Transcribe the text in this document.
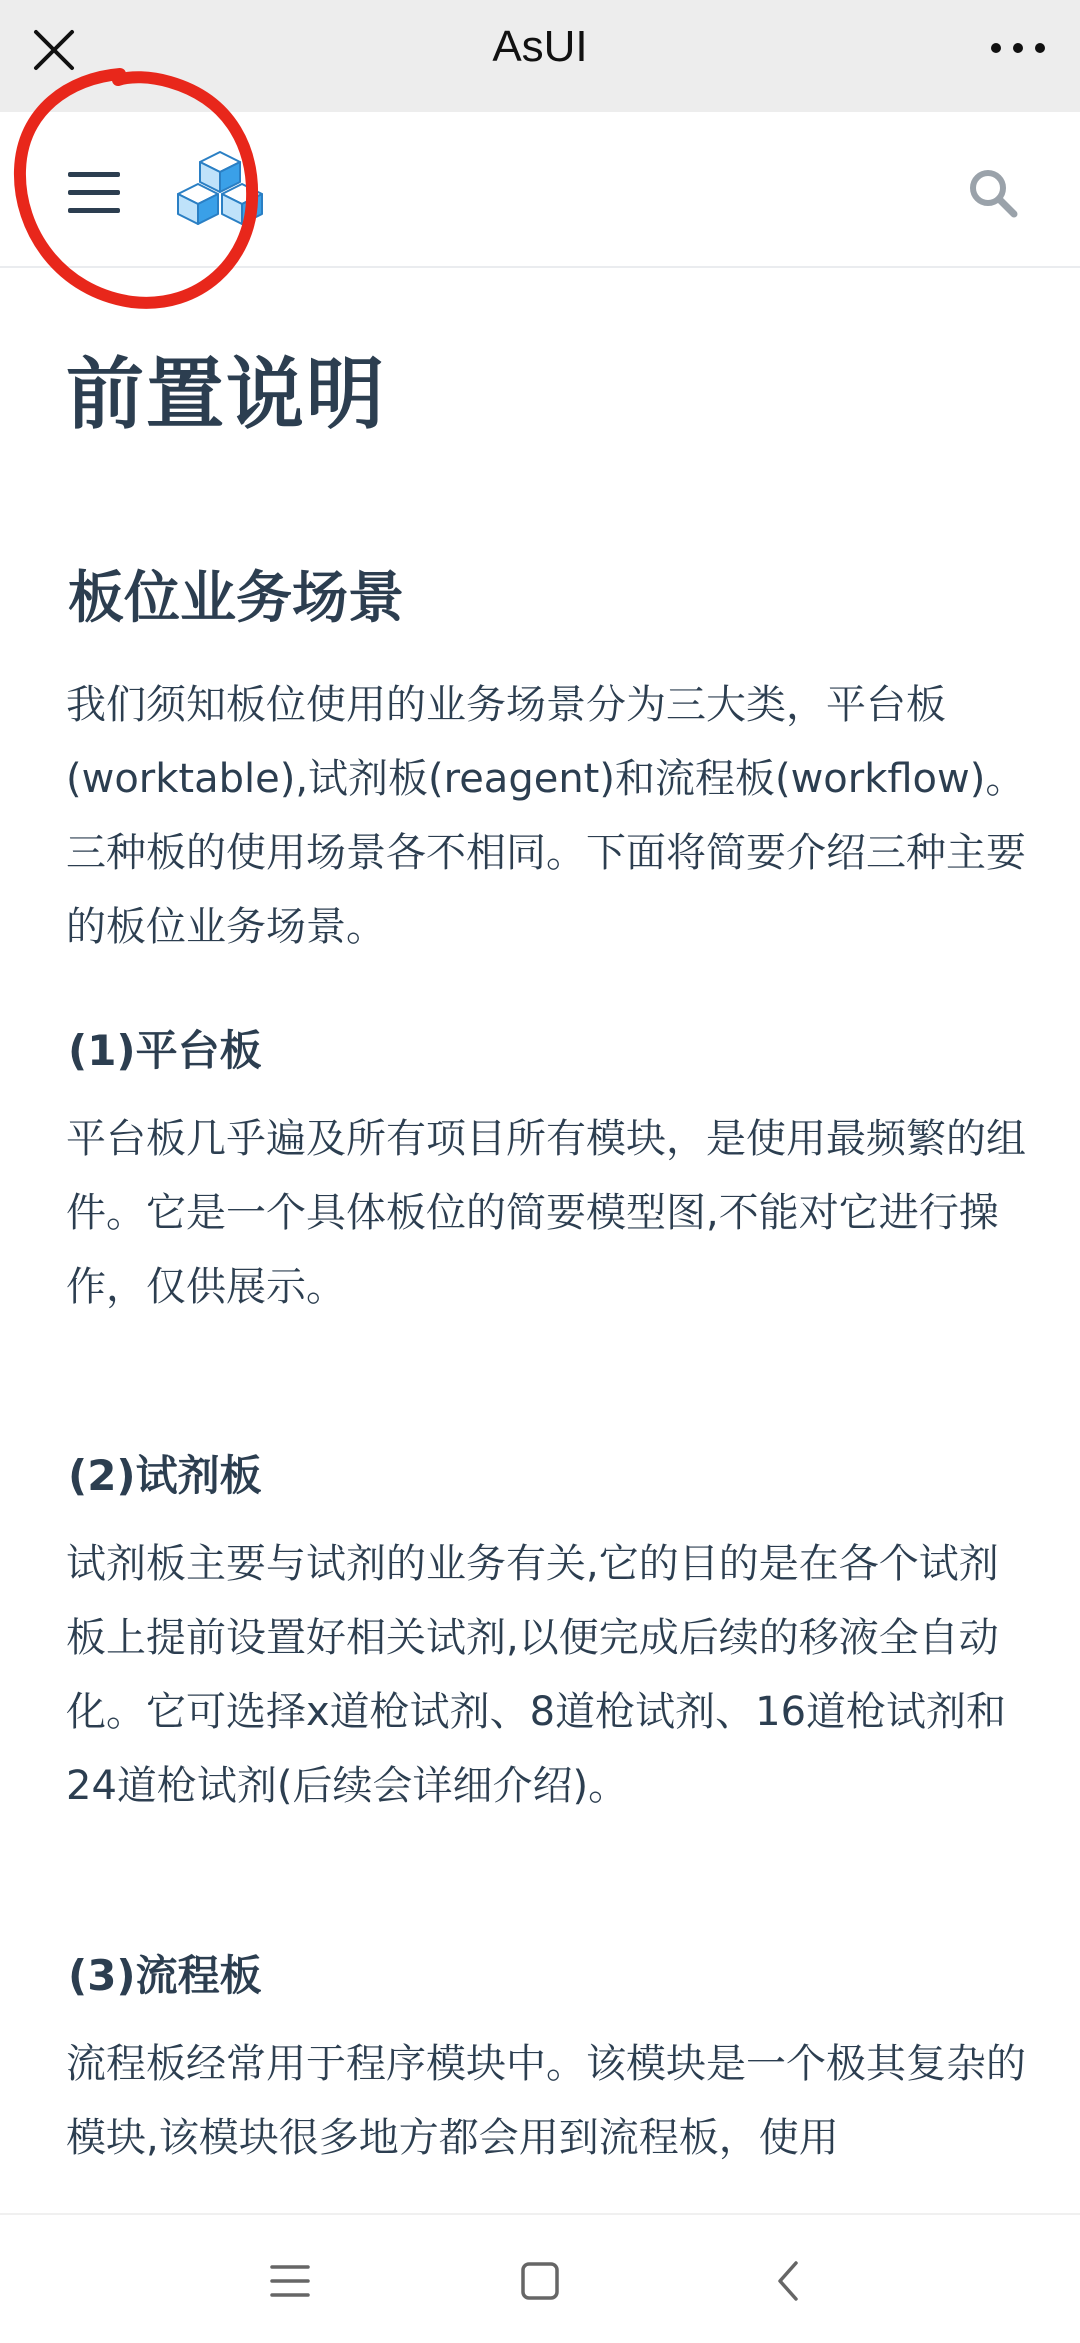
AsUI
前置说明
板位业务场景
我们须知板位使用的业务场景分为三大类，平台板(worktable),试剂板(reagent)和流程板(workflow)。三种板的使用场景各不相同。下面将简要介绍三种主要的板位业务场景。
(1)平台板
平台板几乎遍及所有项目所有模块，是使用最频繁的组件。它是一个具体板位的简要模型图,不能对它进行操作，仅供展示。
(2)试剂板
试剂板主要与试剂的业务有关,它的目的是在各个试剂板上提前设置好相关试剂,以便完成后续的移液全自动化。它可选择x道枪试剂、8道枪试剂、16道枪试剂和24道枪试剂(后续会详细介绍)。
(3)流程板
流程板经常用于程序模块中。该模块是一个极其复杂的模块,该模块很多地方都会用到流程板，使用
